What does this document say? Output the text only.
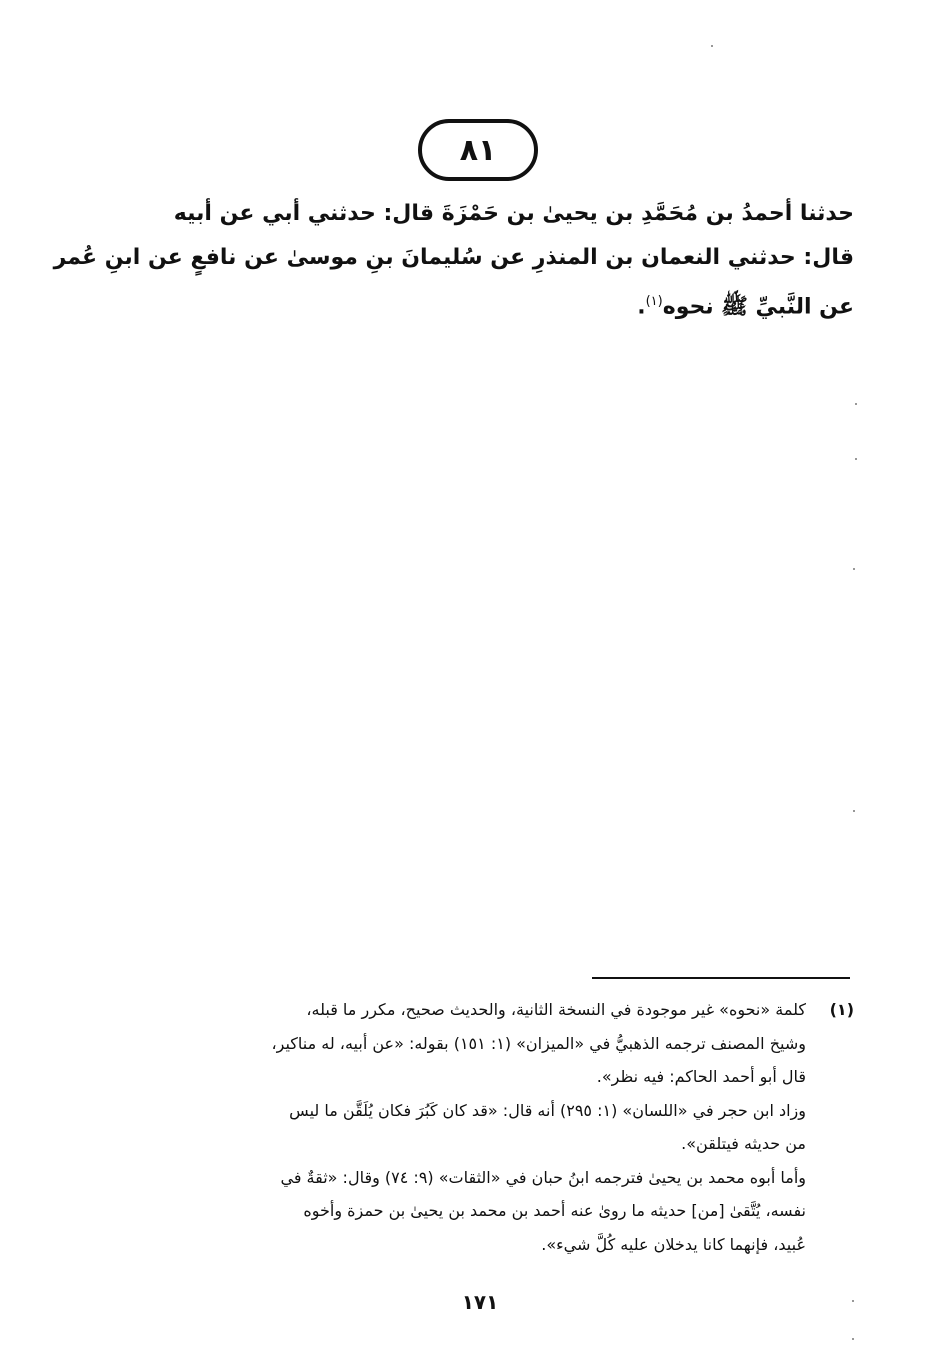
٨١
حدثنا أحمدُ بن مُحَمَّدِ بن يحيىٰ بن حَمْزَةَ قال: حدثني أبي عن أبيه
قال: حدثني النعمان بن المنذرِ عن سُليمانَ بنِ موسىٰ عن نافعٍ عن ابنِ عُمر
عن النَّبيِّ ﷺ نحوه$^{(١)}$.
(١)
كلمة «نحوه» غير موجودة في النسخة الثانية، والحديث صحيح، مكرر ما قبله،
وشيخ المصنف ترجمه الذهبيُّ في «الميزان» (١: ١٥١) بقوله: «عن أبيه، له مناكير،
قال أبو أحمد الحاكم: فيه نظر».
وزاد ابن حجر في «اللسان» (١: ٢٩٥) أنه قال: «قد كان كَبُرَ فكان يُلَقَّن ما ليس
من حديثه فيتلقن».
وأما أبوه محمد بن يحيىٰ فترجمه ابنُ حبان في «الثقات» (٩: ٧٤) وقال: «ثقةٌ في
نفسه، يُتَّقىٰ [من] حديثه ما روىٰ عنه أحمد بن محمد بن يحيىٰ بن حمزة وأخوه
عُبيد، فإنهما كانا يدخلان عليه كُلَّ شيء».
١٧١
